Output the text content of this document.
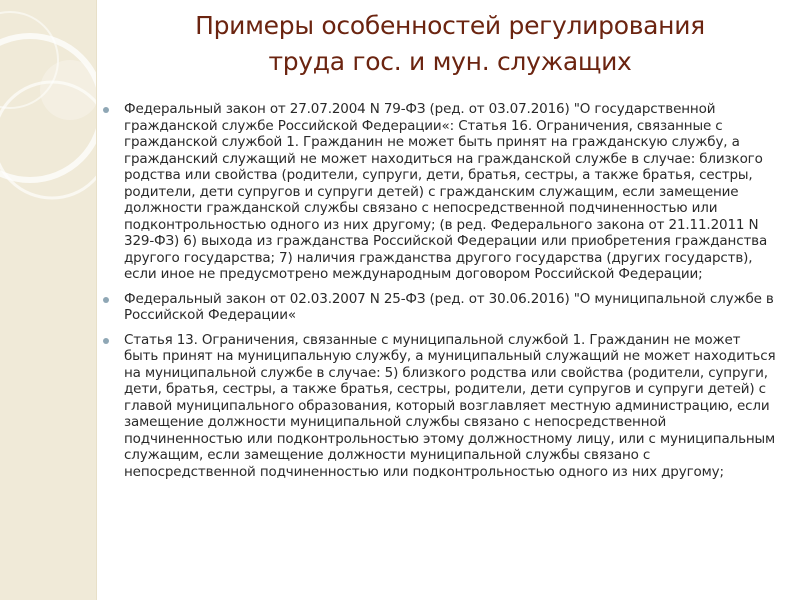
Примеры особенностей регулирования
труда гос. и мун. служащих
Федеральный закон от 27.07.2004 N 79-ФЗ (ред. от 03.07.2016) "О государственной гражданской службе Российской Федерации«: Статья 16. Ограничения, связанные с гражданской службой 1. Гражданин не может быть принят на гражданскую службу, а гражданский служащий не может находиться на гражданской службе в случае: близкого родства или свойства (родители, супруги, дети, братья, сестры, а также братья, сестры, родители, дети супругов и супруги детей) с гражданским служащим, если замещение должности гражданской службы связано с непосредственной подчиненностью или подконтрольностью одного из них другому; (в ред. Федерального закона от 21.11.2011 N 329-ФЗ) 6) выхода из гражданства Российской Федерации или приобретения гражданства другого государства; 7) наличия гражданства другого государства (других государств), если иное не предусмотрено международным договором Российской Федерации;
Федеральный закон от 02.03.2007 N 25-ФЗ (ред. от 30.06.2016) "О муниципальной службе в Российской Федерации«
Статья 13. Ограничения, связанные с муниципальной службой 1. Гражданин не может быть принят на муниципальную службу, а муниципальный служащий не может находиться на муниципальной службе в случае: 5) близкого родства или свойства (родители, супруги, дети, братья, сестры, а также братья, сестры, родители, дети супругов и супруги детей) с главой муниципального образования, который возглавляет местную администрацию, если замещение должности муниципальной службы связано с непосредственной подчиненностью или подконтрольностью этому должностному лицу, или с муниципальным служащим, если замещение должности муниципальной службы связано с непосредственной подчиненностью или подконтрольностью одного из них другому;
